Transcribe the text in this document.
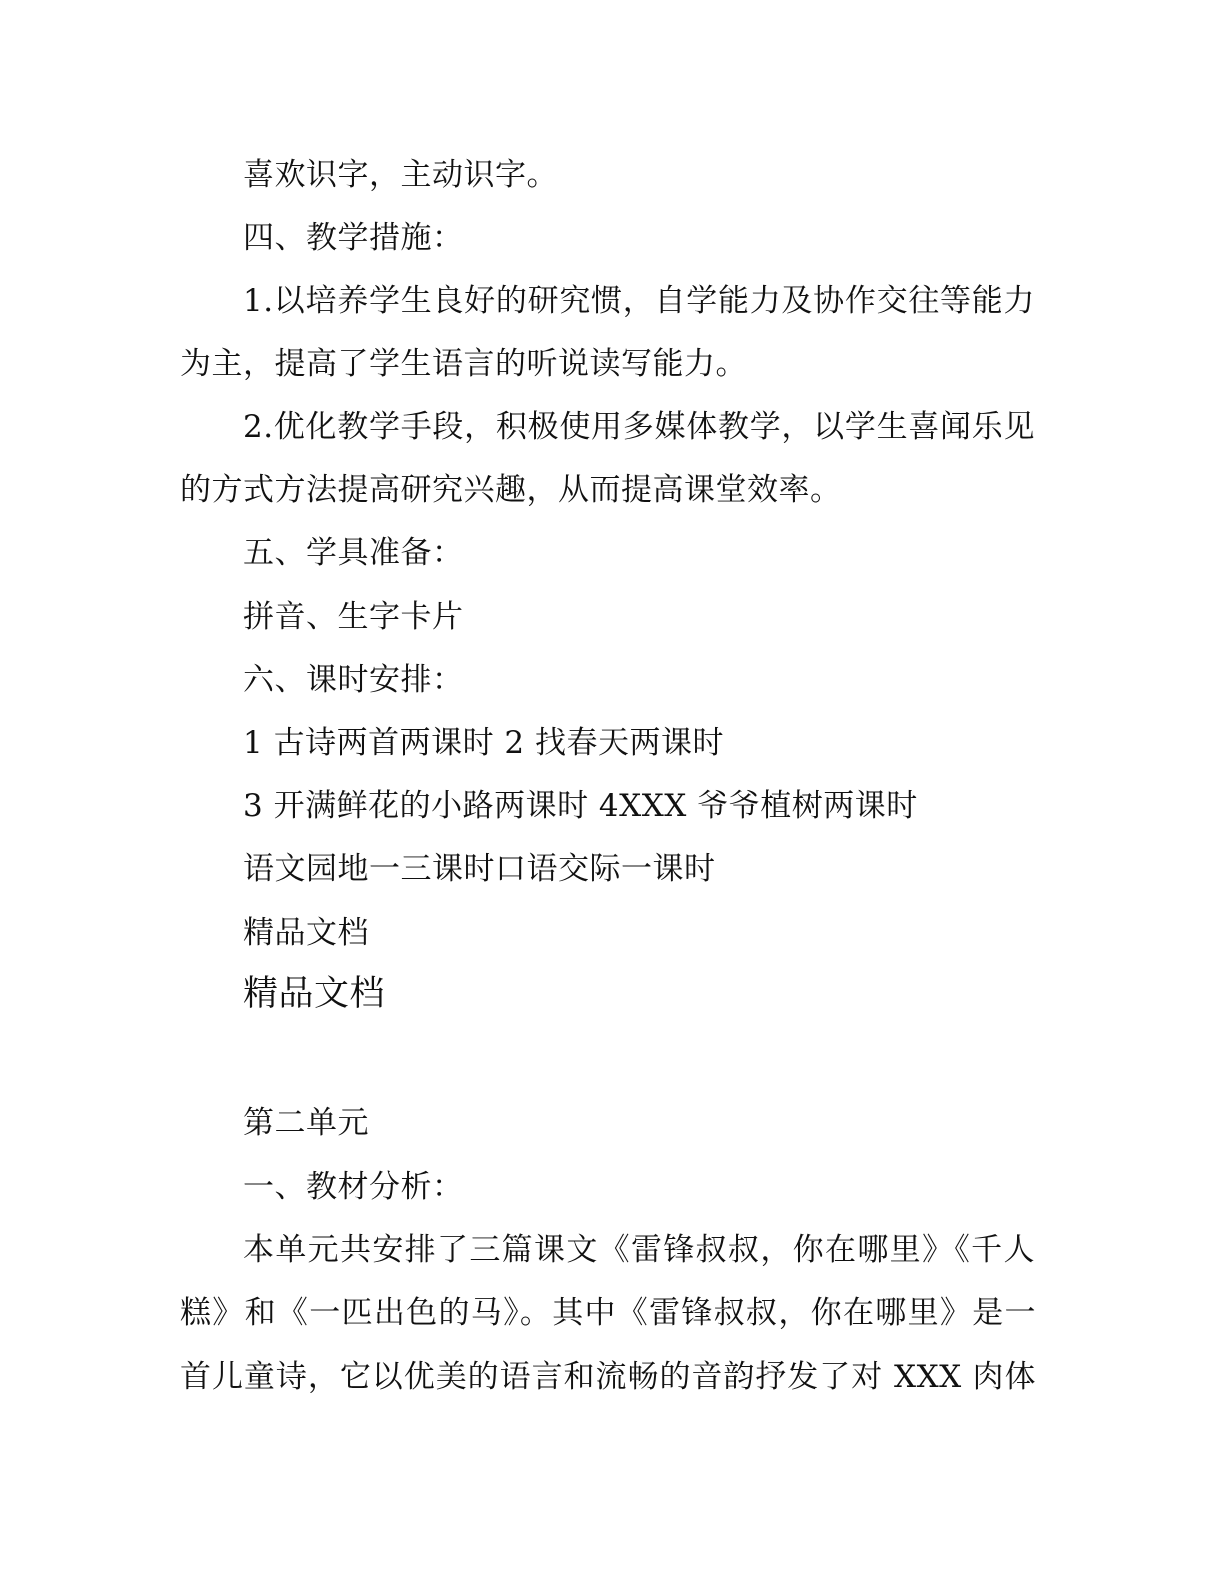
喜欢识字，主动识字。
四、教学措施：
1.以培养学生良好的研究惯，自学能力及协作交往等能力
为主，提高了学生语言的听说读写能力。
2.优化教学手段，积极使用多媒体教学，以学生喜闻乐见
的方式方法提高研究兴趣，从而提高课堂效率。
五、学具准备：
拼音、生字卡片
六、课时安排：
1 古诗两首两课时 2 找春天两课时
3 开满鲜花的小路两课时 4XXX 爷爷植树两课时
语文园地一三课时口语交际一课时
精品文档
精品文档
第二单元
一、教材分析：
本单元共安排了三篇课文《雷锋叔叔，你在哪里》《千人
糕》和《一匹出色的马》。其中《雷锋叔叔，你在哪里》是一
首儿童诗，它以优美的语言和流畅的音韵抒发了对 XXX 肉体
